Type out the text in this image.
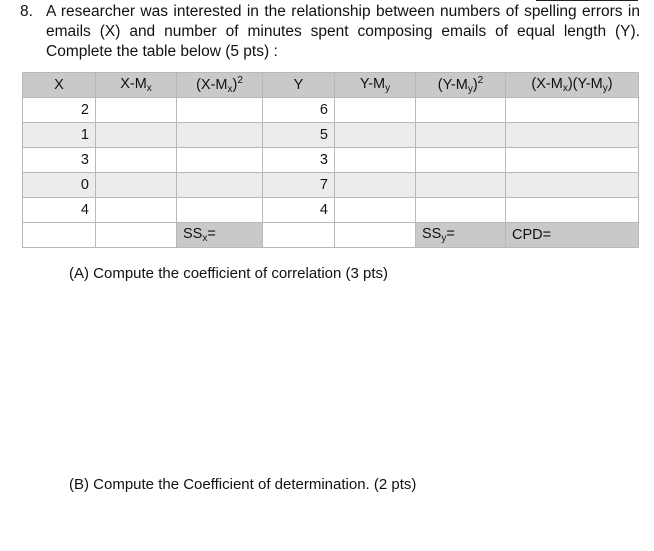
8. A researcher was interested in the relationship between numbers of spelling errors in emails (X) and number of minutes spent composing emails of equal length (Y). Complete the table below (5 pts) :
X	$X-M_x$	$(X-M_x)^2$	Y	$Y-M_y$	$(Y-M_y)^2$	$(X-M_x)(Y-M_y)$
2			6			
1			5			
3			3			
0			7			
4			4			
		$SS_x=$			$SS_y=$	CPD=
(A) Compute the coefficient of correlation (3 pts)
(B) Compute the Coefficient of determination. (2 pts)
